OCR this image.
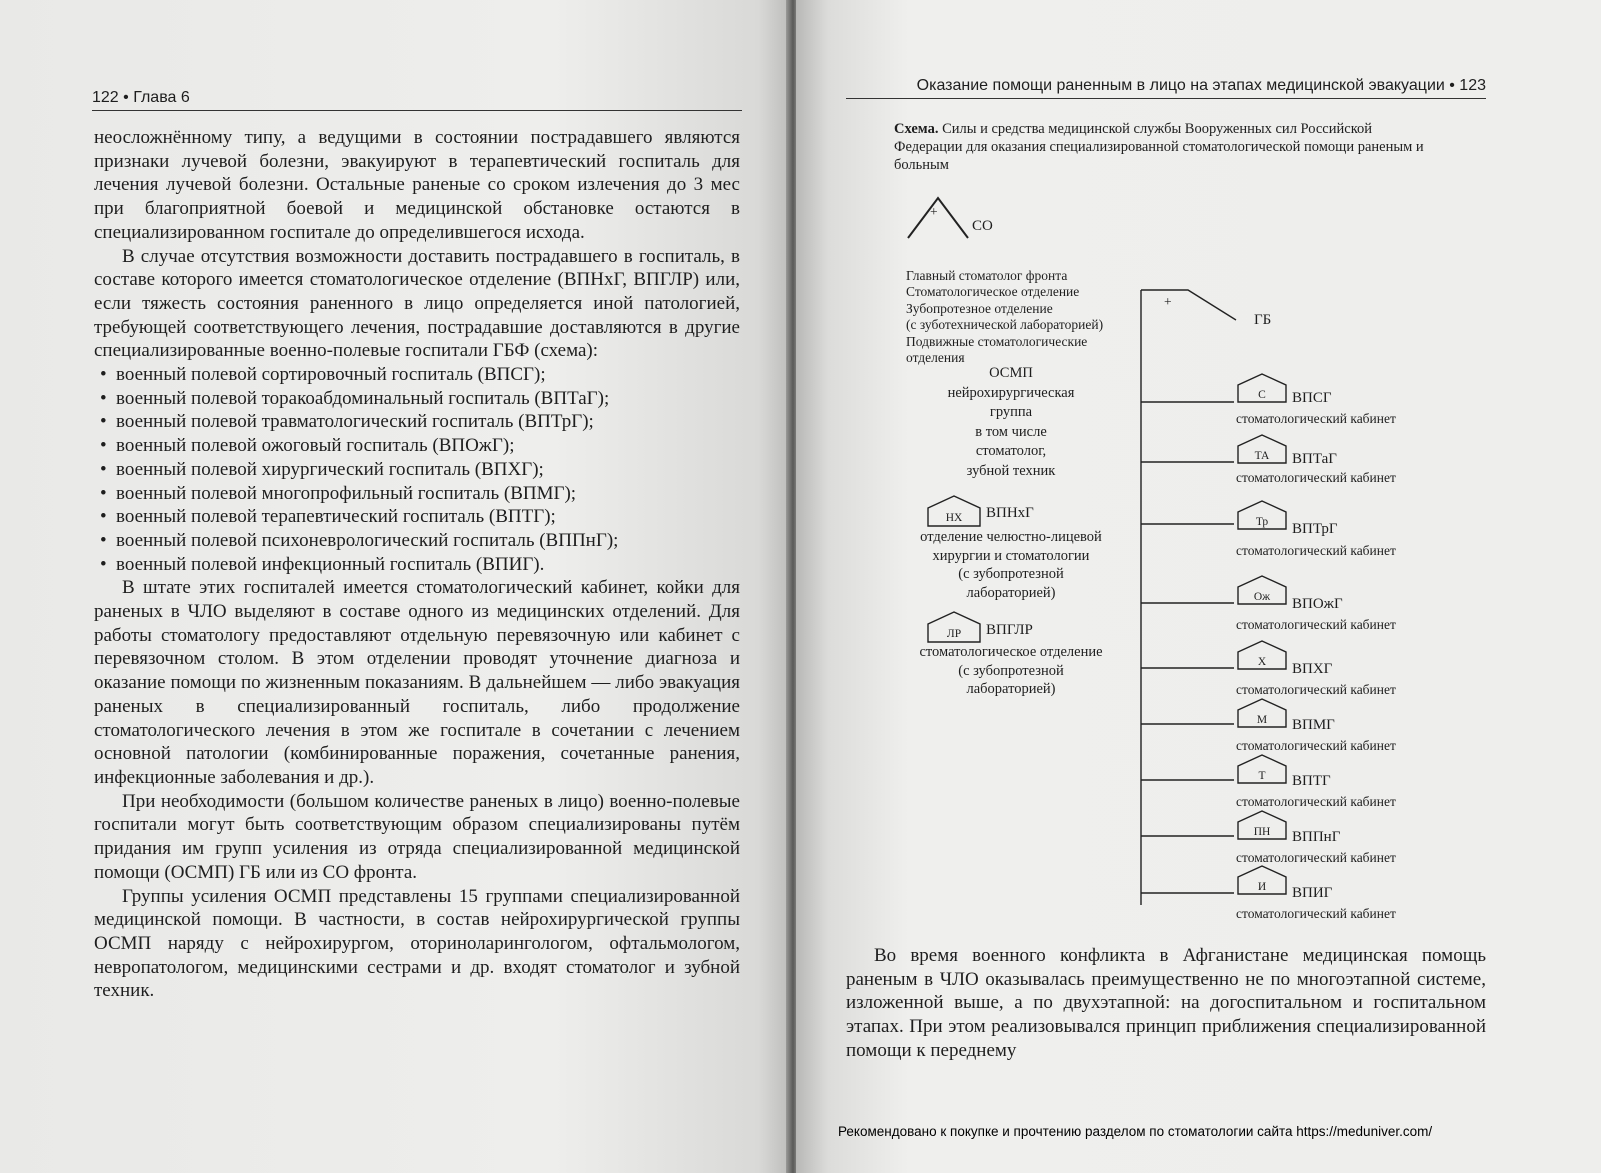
122 • Глава 6

неосложнённому типу, а ведущими в состоянии пострадавшего являются признаки лучевой болезни, эвакуируют в терапевтический госпиталь для лечения лучевой болезни. Остальные раненые со сроком излечения до 3 мес при благоприятной боевой и медицинской обстановке остаются в специализированном госпитале до определившегося исхода.

В случае отсутствия возможности доставить пострадавшего в госпиталь, в составе которого имеется стоматологическое отделение (ВПНхГ, ВПГЛР) или, если тяжесть состояния раненного в лицо определяется иной патологией, требующей соответствующего лечения, пострадавшие доставляются в другие специализированные военно-полевые госпитали ГБФ (схема):

• военный полевой сортировочный госпиталь (ВПСГ);
• военный полевой торакоабдоминальный госпиталь (ВПТаГ);
• военный полевой травматологический госпиталь (ВПТрГ);
• военный полевой ожоговый госпиталь (ВПОжГ);
• военный полевой хирургический госпиталь (ВПХГ);
• военный полевой многопрофильный госпиталь (ВПМГ);
• военный полевой терапевтический госпиталь (ВПТГ);
• военный полевой психоневрологический госпиталь (ВППнГ);
• военный полевой инфекционный госпиталь (ВПИГ).

В штате этих госпиталей имеется стоматологический кабинет, койки для раненых в ЧЛО выделяют в составе одного из медицинских отделений. Для работы стоматологу предоставляют отдельную перевязочную или кабинет с перевязочном столом. В этом отделении проводят уточнение диагноза и оказание помощи по жизненным показаниям. В дальнейшем — либо эвакуация раненых в специализированный госпиталь, либо продолжение стоматологического лечения в этом же госпитале в сочетании с лечением основной патологии (комбинированные поражения, сочетанные ранения, инфекционные заболевания и др.).

При необходимости (большом количестве раненых в лицо) военно-полевые госпитали могут быть соответствующим образом специализированы путём придания им групп усиления из отряда специализированной медицинской помощи (ОСМП) ГБ или из СО фронта.

Группы усиления ОСМП представлены 15 группами специализированной медицинской помощи. В частности, в состав нейрохирургической группы ОСМП наряду с нейрохирургом, оториноларингологом, офтальмологом, невропатологом, медицинскими сестрами и др. входят стоматолог и зубной техник.

Оказание помощи раненным в лицо на этапах медицинской эвакуации • 123
Схема. Силы и средства медицинской службы Вооруженных сил Российской Федерации для оказания специализированной стоматологической помощи раненым и больным
+
СО
Главный стоматолог фронта
Стоматологическое отделение
Зубопротезное отделение
(с зуботехнической лабораторией)
Подвижные стоматологические
отделения
+
ГБ
ОСМП
нейрохирургическая
группа
в том числе
стоматолог,
зубной техник
НХ	ВПНхГ
отделение челюстно-лицевой
хирургии и стоматологии
(с зубопротезной
лабораторией)
ЛР	ВПГЛР
стоматологическое отделение
(с зубопротезной
лабораторией)
С	ВПСГ
стоматологический кабинет
ТА	ВПТаГ
стоматологический кабинет
Тр	ВПТрГ
стоматологический кабинет
Ож	ВПОжГ
стоматологический кабинет
Х	ВПХГ
стоматологический кабинет
М	ВПМГ
стоматологический кабинет
Т	ВПТГ
стоматологический кабинет
ПН	ВППнГ
стоматологический кабинет
И	ВПИГ
стоматологический кабинет
Во время военного конфликта в Афганистане медицинская помощь раненым в ЧЛО оказывалась преимущественно не по многоэтапной системе, изложенной выше, а по двухэтапной: на догоспитальном и госпитальном этапах. При этом реализовывался принцип приближения специализированной помощи к переднему
Рекомендовано к покупке и прочтению разделом по стоматологии сайта https://meduniver.com/
